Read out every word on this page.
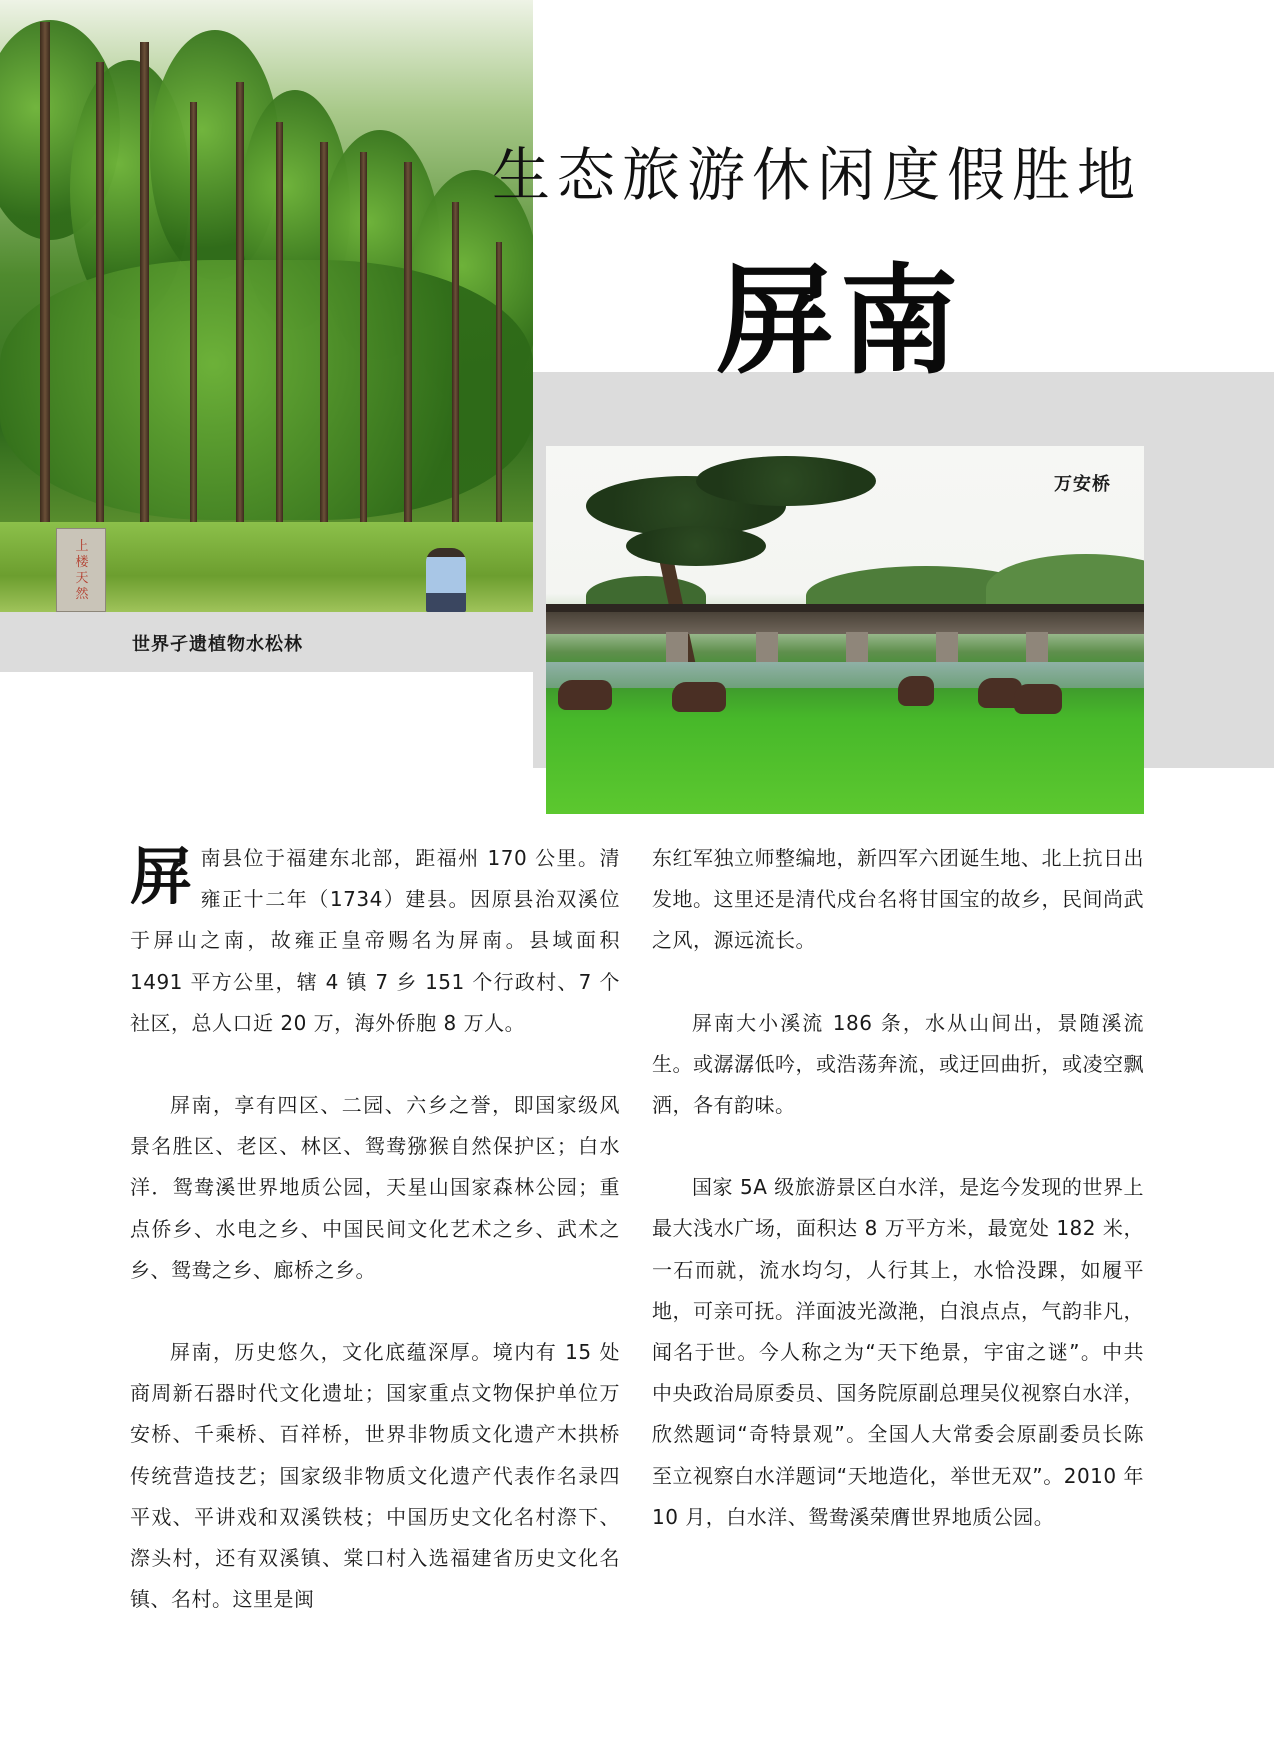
上楼天然
世界孑遗植物水松林
生态旅游休闲度假胜地
屏南
万安桥

屏南县位于福建东北部，距福州 170 公里。清雍正十二年（1734）建县。因原县治双溪位于屏山之南，故雍正皇帝赐名为屏南。县域面积 1491 平方公里，辖 4 镇 7 乡 151 个行政村、7 个社区，总人口近 20 万，海外侨胞 8 万人。

屏南，享有四区、二园、六乡之誉，即国家级风景名胜区、老区、林区、鸳鸯猕猴自然保护区；白水洋．鸳鸯溪世界地质公园，天星山国家森林公园；重点侨乡、水电之乡、中国民间文化艺术之乡、武术之乡、鸳鸯之乡、廊桥之乡。

屏南，历史悠久，文化底蕴深厚。境内有 15 处商周新石器时代文化遗址；国家重点文物保护单位万安桥、千乘桥、百祥桥，世界非物质文化遗产木拱桥传统营造技艺；国家级非物质文化遗产代表作名录四平戏、平讲戏和双溪铁枝；中国历史文化名村漈下、漈头村，还有双溪镇、棠口村入选福建省历史文化名镇、名村。这里是闽

东红军独立师整编地，新四军六团诞生地、北上抗日出发地。这里还是清代戍台名将甘国宝的故乡，民间尚武之风，源远流长。

屏南大小溪流 186 条，水从山间出，景随溪流生。或潺潺低吟，或浩荡奔流，或迂回曲折，或凌空飘洒，各有韵味。

国家 5A 级旅游景区白水洋，是迄今发现的世界上最大浅水广场，面积达 8 万平方米，最宽处 182 米，一石而就，流水均匀，人行其上，水恰没踝，如履平地，可亲可抚。洋面波光潋滟，白浪点点，气韵非凡，闻名于世。今人称之为“天下绝景，宇宙之谜”。中共中央政治局原委员、国务院原副总理吴仪视察白水洋，欣然题词“奇特景观”。全国人大常委会原副委员长陈至立视察白水洋题词“天地造化，举世无双”。2010 年 10 月，白水洋、鸳鸯溪荣膺世界地质公园。
